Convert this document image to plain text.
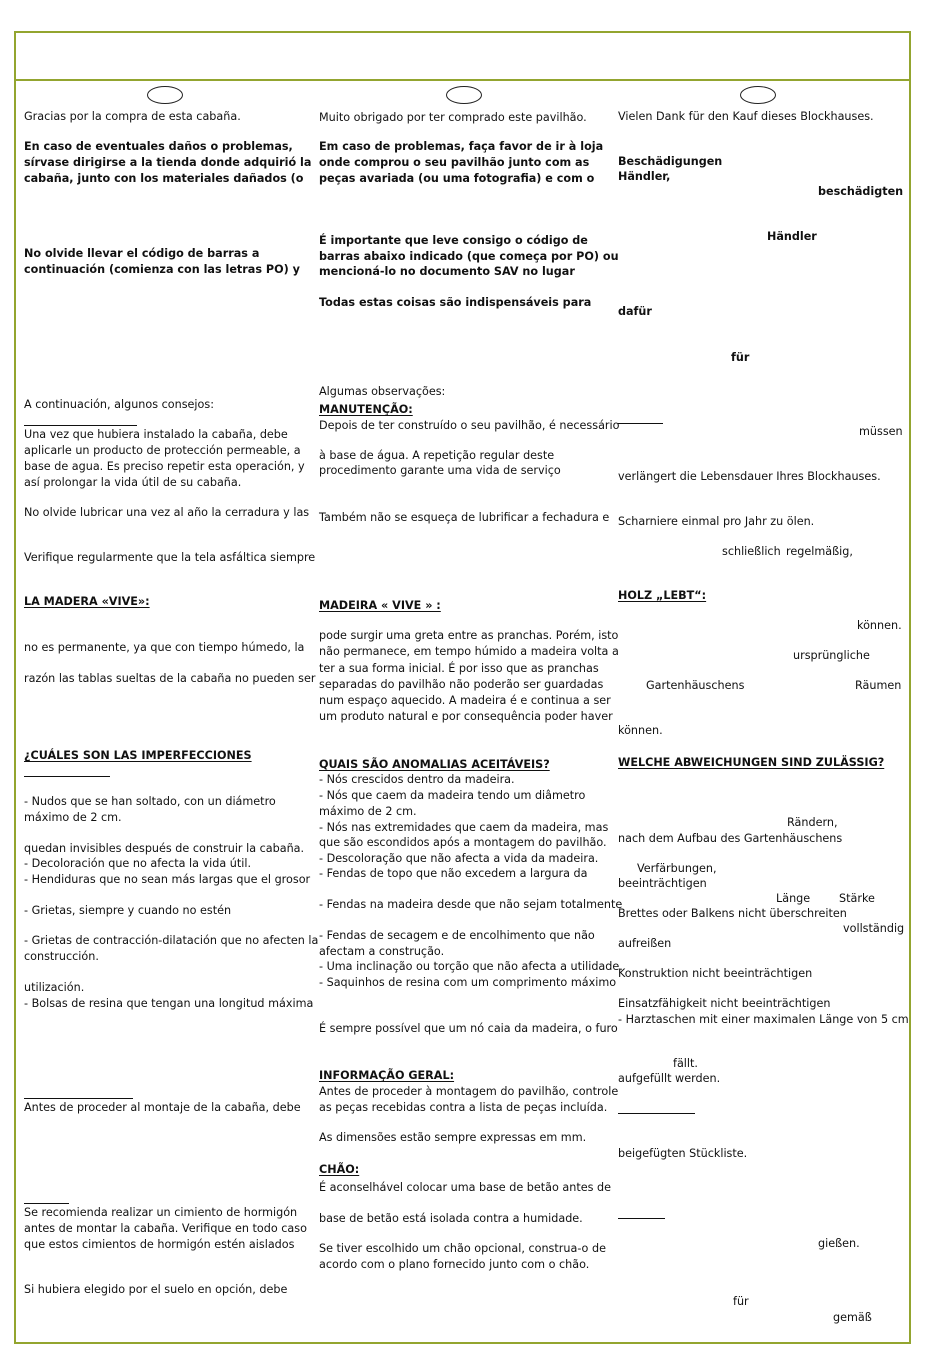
Gracias por la compra de esta cabaña.
En caso de eventuales daños o problemas,
sírvase dirigirse a la tienda donde adquirió la
cabaña, junto con los materiales dañados (o
No olvide llevar el código de barras a
continuación (comienza con las letras PO) y
A continuación, algunos consejos:
Una vez que hubiera instalado la cabaña, debe
aplicarle un producto de protección permeable, a
base de agua. Es preciso repetir esta operación, y
así prolongar la vida útil de su cabaña.
No olvide lubricar una vez al año la cerradura y las
Verifique regularmente que la tela asfáltica siempre
LA MADERA «VIVE»:
no es permanente, ya que con tiempo húmedo, la
razón las tablas sueltas de la cabaña no pueden ser
¿CUÁLES SON LAS IMPERFECCIONES
- Nudos que se han soltado, con un diámetro
máximo de 2 cm.
quedan invisibles después de construir la cabaña.
- Decoloración que no afecta la vida útil.
- Hendiduras que no sean más largas que el grosor
- Grietas, siempre y cuando no estén
- Grietas de contracción-dilatación que no afecten la
construcción.
utilización.
- Bolsas de resina que tengan una longitud máxima
Antes de proceder al montaje de la cabaña, debe
Se recomienda realizar un cimiento de hormigón
antes de montar la cabaña. Verifique en todo caso
que estos cimientos de hormigón estén aislados
Si hubiera elegido por el suelo en opción, debe
Muito obrigado por ter comprado este pavilhão.
Em caso de problemas, faça favor de ir à loja
onde comprou o seu pavilhão junto com as
peças avariada (ou uma fotografia) e com o
É importante que leve consigo o código de
barras abaixo indicado (que começa por PO) ou
mencioná-lo no documento SAV no lugar
Todas estas coisas são indispensáveis para
Algumas observações:
MANUTENÇÃO:
Depois de ter construído o seu pavilhão, é necessário
à base de água. A repetição regular deste
procedimento garante uma vida de serviço
Também não se esqueça de lubrificar a fechadura e
MADEIRA « VIVE » :
pode surgir uma greta entre as pranchas. Porém, isto
não permanece, em tempo húmido a madeira volta a
ter a sua forma inicial. É por isso que as pranchas
separadas do pavilhão não poderão ser guardadas
num espaço aquecido. A madeira é e continua a ser
um produto natural e por consequência poder haver
QUAIS SÃO ANOMALIAS ACEITÁVEIS?
- Nós crescidos dentro da madeira.
- Nós que caem da madeira tendo um diâmetro
máximo de 2 cm.
- Nós nas extremidades que caem da madeira, mas
que são escondidos após a montagem do pavilhão.
- Descoloração que não afecta a vida da madeira.
- Fendas de topo que não excedem a largura da
- Fendas na madeira desde que não sejam totalmente
- Fendas de secagem e de encolhimento que não
afectam a construção.
- Uma inclinação ou torção que não afecta a utilidade.
- Saquinhos de resina com um comprimento máximo
É sempre possível que um nó caia da madeira, o furo
INFORMAÇÃO GERAL:
Antes de proceder à montagem do pavilhão, controle
as peças recebidas contra a lista de peças incluída.
As dimensões estão sempre expressas em mm.
CHÃO:
É aconselhável colocar uma base de betão antes de
base de betão está isolada contra a humidade.
Se tiver escolhido um chão opcional, construa-o de
acordo com o plano fornecido junto com o chão.
Vielen Dank für den Kauf dieses Blockhauses.
Beschädigungen
Händler,
beschädigten
Händler
dafür
für
müssen
verlängert die Lebensdauer Ihres Blockhauses.
Scharniere einmal pro Jahr zu ölen.
schließlich regelmäßig,
HOLZ „LEBT“:
können.
ursprüngliche
Gartenhäuschens	Räumen
können.
WELCHE ABWEICHUNGEN SIND ZULÄSSIG?
Rändern,
nach dem Aufbau des Gartenhäuschens
Verfärbungen,
beeinträchtigen
Länge	Stärke
Brettes oder Balkens nicht überschreiten
vollständig
aufreißen
Konstruktion nicht beeinträchtigen
Einsatzfähigkeit nicht beeinträchtigen
- Harztaschen mit einer maximalen Länge von 5 cm
fällt.
aufgefüllt werden.
beigefügten Stückliste.
gießen.
für
gemäß
